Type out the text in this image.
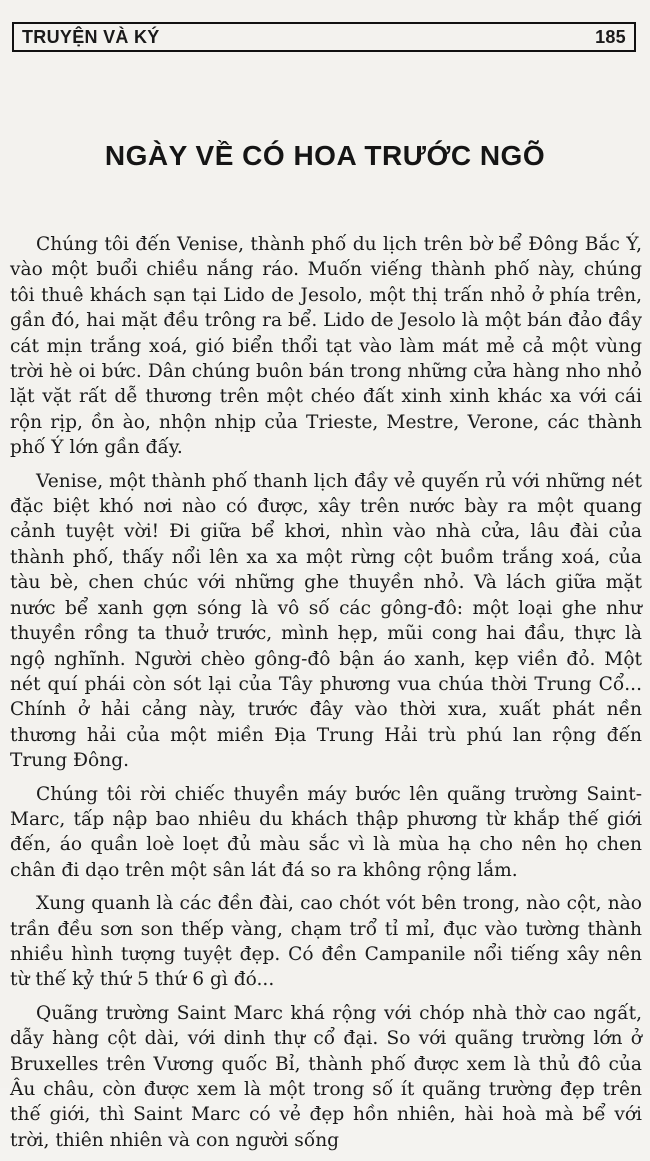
TRUYỆN VÀ KÝ	185
NGÀY VỀ CÓ HOA TRƯỚC NGÕ

Chúng tôi đến Venise, thành phố du lịch trên bờ bể Đông Bắc Ý, vào một buổi chiều nắng ráo. Muốn viếng thành phố này, chúng tôi thuê khách sạn tại Lido de Jesolo, một thị trấn nhỏ ở phía trên, gần đó, hai mặt đều trông ra bể. Lido de Jesolo là một bán đảo đầy cát mịn trắng xoá, gió biển thổi tạt vào làm mát mẻ cả một vùng trời hè oi bức. Dân chúng buôn bán trong những cửa hàng nho nhỏ lặt vặt rất dễ thương trên một chéo đất xinh xinh khác xa với cái rộn rịp, ồn ào, nhộn nhịp của Trieste, Mestre, Verone, các thành phố Ý lớn gần đấy.

Venise, một thành phố thanh lịch đầy vẻ quyến rủ với những nét đặc biệt khó nơi nào có được, xây trên nước bày ra một quang cảnh tuyệt vời! Đi giữa bể khơi, nhìn vào nhà cửa, lâu đài của thành phố, thấy nổi lên xa xa một rừng cột buồm trắng xoá, của tàu bè, chen chúc với những ghe thuyền nhỏ. Và lách giữa mặt nước bể xanh gợn sóng là vô số các gông-đô: một loại ghe như thuyền rồng ta thuở trước, mình hẹp, mũi cong hai đầu, thực là ngộ nghĩnh. Người chèo gông-đô bận áo xanh, kẹp viền đỏ. Một nét quí phái còn sót lại của Tây phương vua chúa thời Trung Cổ... Chính ở hải cảng này, trước đây vào thời xưa, xuất phát nền thương hải của một miền Địa Trung Hải trù phú lan rộng đến Trung Đông.

Chúng tôi rời chiếc thuyền máy bước lên quãng trường Saint-Marc, tấp nập bao nhiêu du khách thập phương từ khắp thế giới đến, áo quần loè loẹt đủ màu sắc vì là mùa hạ cho nên họ chen chân đi dạo trên một sân lát đá so ra không rộng lắm.

Xung quanh là các đền đài, cao chót vót bên trong, nào cột, nào trần đều sơn son thếp vàng, chạm trổ tỉ mỉ, đục vào tường thành nhiều hình tượng tuyệt đẹp. Có đền Campanile nổi tiếng xây nên từ thế kỷ thứ 5 thứ 6 gì đó...

Quãng trường Saint Marc khá rộng với chóp nhà thờ cao ngất, dẫy hàng cột dài, với dinh thự cổ đại. So với quãng trường lớn ở Bruxelles trên Vương quốc Bỉ, thành phố được xem là thủ đô của Âu châu, còn được xem là một trong số ít quãng trường đẹp trên thế giới, thì Saint Marc có vẻ đẹp hồn nhiên, hài hoà mà bể với trời, thiên nhiên và con người sống
